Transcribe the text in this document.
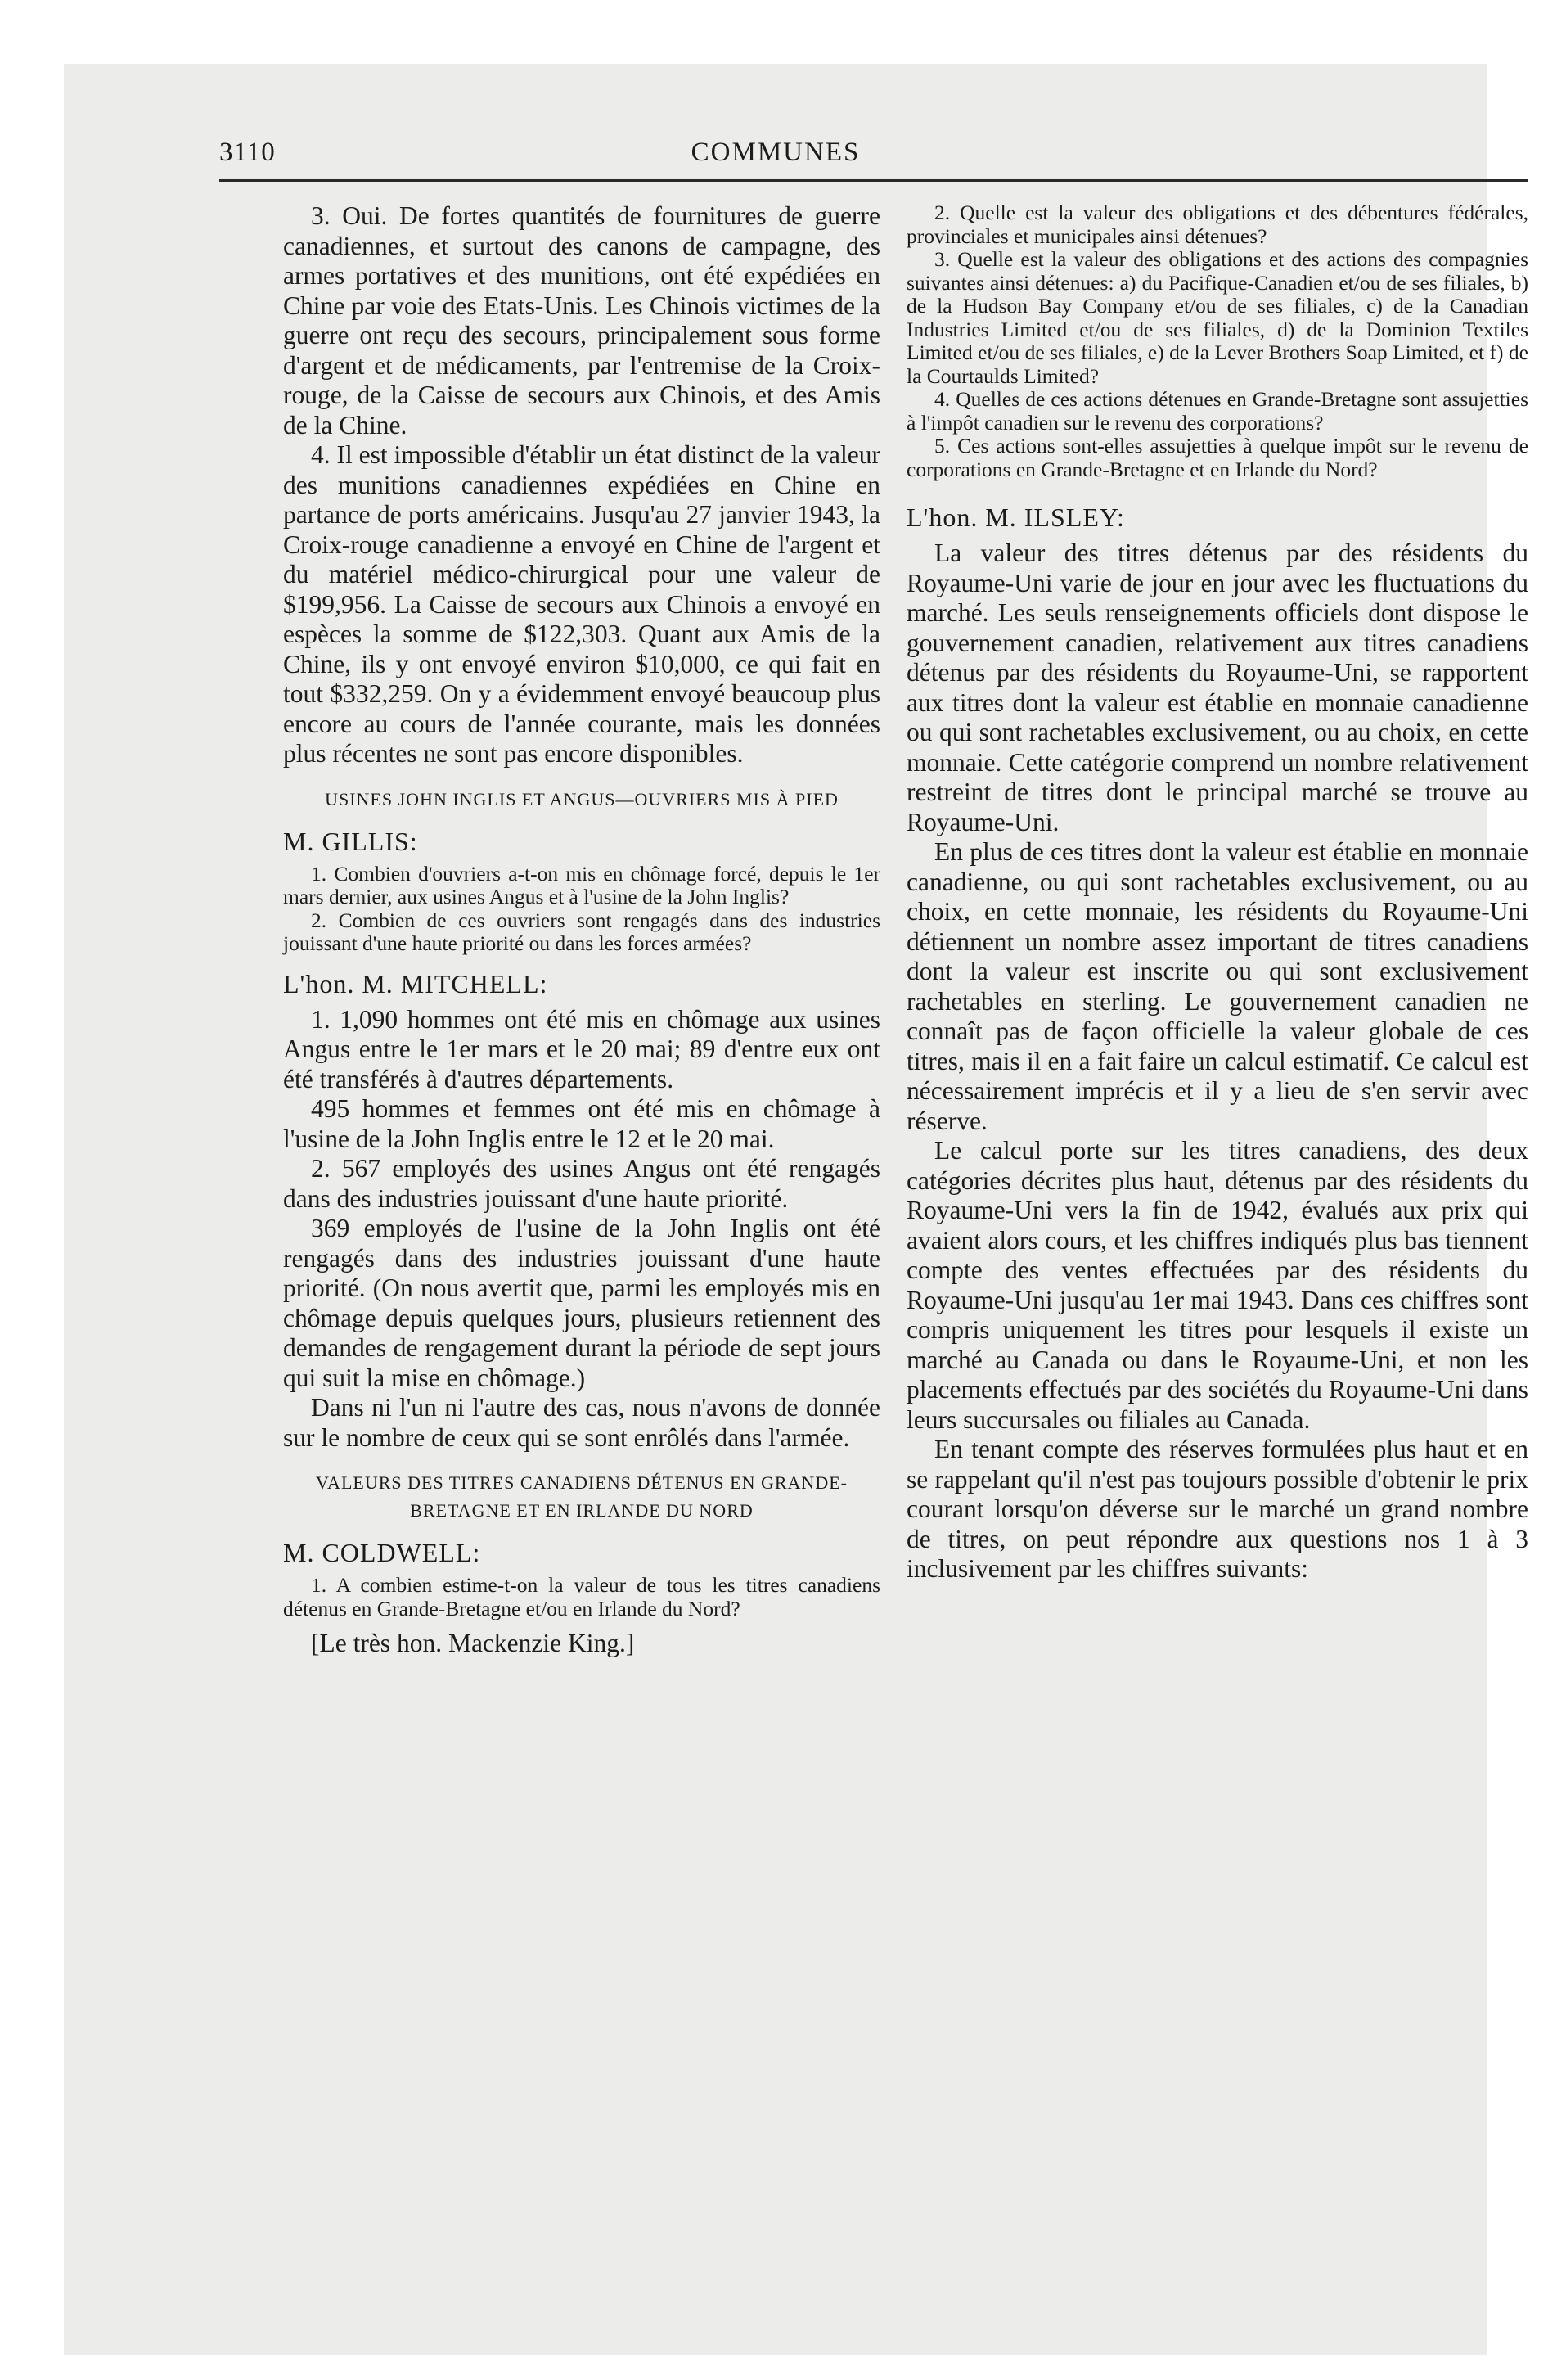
3110	COMMUNES

3. Oui. De fortes quantités de fournitures de guerre canadiennes, et surtout des canons de campagne, des armes portatives et des munitions, ont été expédiées en Chine par voie des Etats-Unis. Les Chinois victimes de la guerre ont reçu des secours, principalement sous forme d'argent et de médicaments, par l'entremise de la Croix-rouge, de la Caisse de secours aux Chinois, et des Amis de la Chine.

4. Il est impossible d'établir un état distinct de la valeur des munitions canadiennes expédiées en Chine en partance de ports américains. Jusqu'au 27 janvier 1943, la Croix-rouge canadienne a envoyé en Chine de l'argent et du matériel médico-chirurgical pour une valeur de $199,956. La Caisse de secours aux Chinois a envoyé en espèces la somme de $122,303. Quant aux Amis de la Chine, ils y ont envoyé environ $10,000, ce qui fait en tout $332,259. On y a évidemment envoyé beaucoup plus encore au cours de l'année courante, mais les données plus récentes ne sont pas encore disponibles.

USINES JOHN INGLIS ET ANGUS—OUVRIERS MIS À PIED

M. GILLIS:

1. Combien d'ouvriers a-t-on mis en chômage forcé, depuis le 1er mars dernier, aux usines Angus et à l'usine de la John Inglis?

2. Combien de ces ouvriers sont rengagés dans des industries jouissant d'une haute priorité ou dans les forces armées?

L'hon. M. MITCHELL:

1. 1,090 hommes ont été mis en chômage aux usines Angus entre le 1er mars et le 20 mai; 89 d'entre eux ont été transférés à d'autres départements.

495 hommes et femmes ont été mis en chômage à l'usine de la John Inglis entre le 12 et le 20 mai.

2. 567 employés des usines Angus ont été rengagés dans des industries jouissant d'une haute priorité.

369 employés de l'usine de la John Inglis ont été rengagés dans des industries jouissant d'une haute priorité. (On nous avertit que, parmi les employés mis en chômage depuis quelques jours, plusieurs retiennent des demandes de rengagement durant la période de sept jours qui suit la mise en chômage.)

Dans ni l'un ni l'autre des cas, nous n'avons de donnée sur le nombre de ceux qui se sont enrôlés dans l'armée.

VALEURS DES TITRES CANADIENS DÉTENUS EN GRANDE-BRETAGNE ET EN IRLANDE DU NORD

M. COLDWELL:

1. A combien estime-t-on la valeur de tous les titres canadiens détenus en Grande-Bretagne et/ou en Irlande du Nord?

[Le très hon. Mackenzie King.]

2. Quelle est la valeur des obligations et des débentures fédérales, provinciales et municipales ainsi détenues?

3. Quelle est la valeur des obligations et des actions des compagnies suivantes ainsi détenues: a) du Pacifique-Canadien et/ou de ses filiales, b) de la Hudson Bay Company et/ou de ses filiales, c) de la Canadian Industries Limited et/ou de ses filiales, d) de la Dominion Textiles Limited et/ou de ses filiales, e) de la Lever Brothers Soap Limited, et f) de la Courtaulds Limited?

4. Quelles de ces actions détenues en Grande-Bretagne sont assujetties à l'impôt canadien sur le revenu des corporations?

5. Ces actions sont-elles assujetties à quelque impôt sur le revenu de corporations en Grande-Bretagne et en Irlande du Nord?

L'hon. M. ILSLEY:

La valeur des titres détenus par des résidents du Royaume-Uni varie de jour en jour avec les fluctuations du marché. Les seuls renseignements officiels dont dispose le gouvernement canadien, relativement aux titres canadiens détenus par des résidents du Royaume-Uni, se rapportent aux titres dont la valeur est établie en monnaie canadienne ou qui sont rachetables exclusivement, ou au choix, en cette monnaie. Cette catégorie comprend un nombre relativement restreint de titres dont le principal marché se trouve au Royaume-Uni.

En plus de ces titres dont la valeur est établie en monnaie canadienne, ou qui sont rachetables exclusivement, ou au choix, en cette monnaie, les résidents du Royaume-Uni détiennent un nombre assez important de titres canadiens dont la valeur est inscrite ou qui sont exclusivement rachetables en sterling. Le gouvernement canadien ne connaît pas de façon officielle la valeur globale de ces titres, mais il en a fait faire un calcul estimatif. Ce calcul est nécessairement imprécis et il y a lieu de s'en servir avec réserve.

Le calcul porte sur les titres canadiens, des deux catégories décrites plus haut, détenus par des résidents du Royaume-Uni vers la fin de 1942, évalués aux prix qui avaient alors cours, et les chiffres indiqués plus bas tiennent compte des ventes effectuées par des résidents du Royaume-Uni jusqu'au 1er mai 1943. Dans ces chiffres sont compris uniquement les titres pour lesquels il existe un marché au Canada ou dans le Royaume-Uni, et non les placements effectués par des sociétés du Royaume-Uni dans leurs succursales ou filiales au Canada.

En tenant compte des réserves formulées plus haut et en se rappelant qu'il n'est pas toujours possible d'obtenir le prix courant lorsqu'on déverse sur le marché un grand nombre de titres, on peut répondre aux questions nos 1 à 3 inclusivement par les chiffres suivants:
